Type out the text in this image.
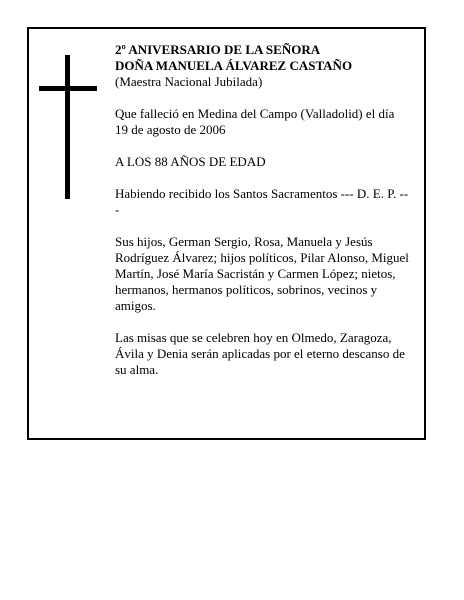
2º ANIVERSARIO DE LA SEÑORA

DOÑA MANUELA ÁLVAREZ CASTAÑO

(Maestra Nacional Jubilada)

Que falleció en Medina del Campo (Valladolid) el día 19 de agosto de 2006

A LOS 88 AÑOS DE EDAD

Habiendo recibido los Santos Sacramentos --- D. E. P. ---

Sus hijos, German Sergio, Rosa, Manuela y Jesús Rodríguez Álvarez; hijos políticos, Pilar Alonso, Miguel Martín, José María Sacristán y Carmen López; nietos, hermanos, hermanos políticos, sobrinos, vecinos y amigos.

Las misas que se celebren hoy en Olmedo, Zaragoza, Ávila y Denia serán aplicadas por el eterno descanso de su alma.
